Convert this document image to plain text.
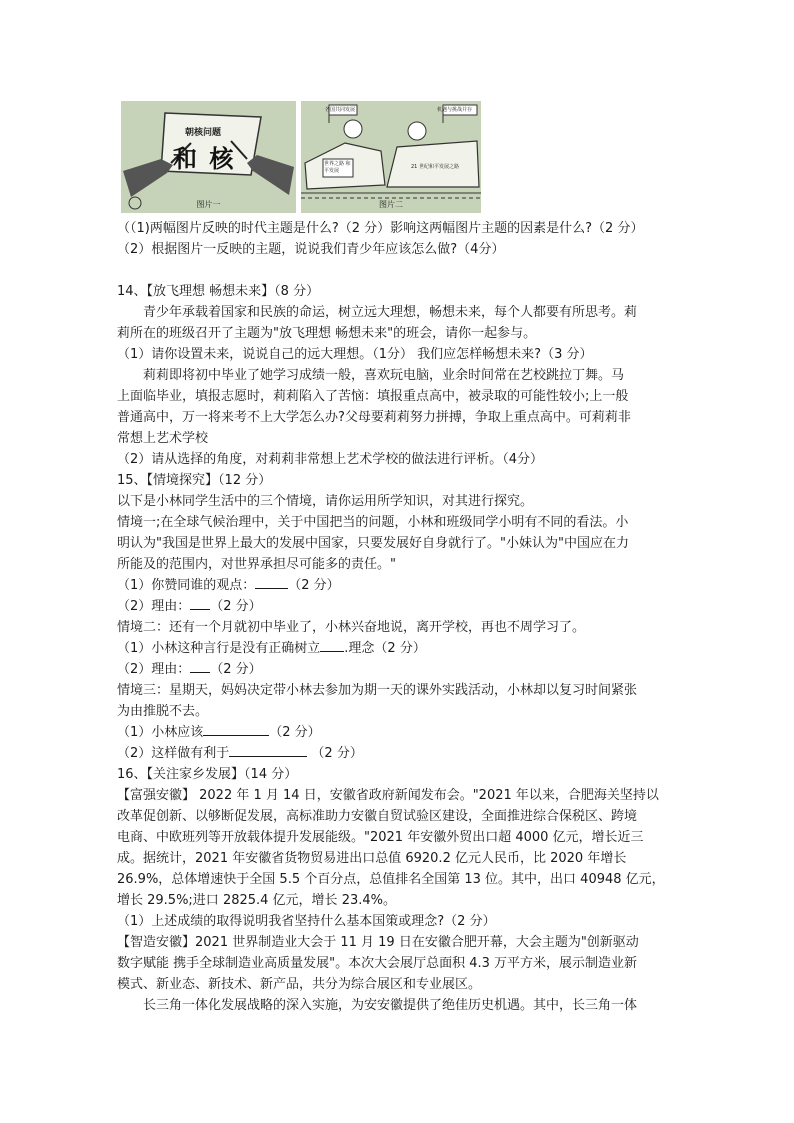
朝核问题
和 核
图片一
各国共同发展	机遇与挑战并存
世界之路 和平发展
21 世纪和平发展之路
图片二

（（1)两幅图片反映的时代主题是什么?（2 分）影响这两幅图片主题的因素是什么?（2 分）

（2）根据图片一反映的主题，说说我们青少年应该怎么做?（4分）

14、【放飞理想 畅想未来】（8 分）

青少年承载着国家和民族的命运，树立远大理想，畅想未来，每个人都要有所思考。莉

莉所在的班级召开了主题为"放飞理想 畅想未来"的班会，请你一起参与。

（1）请你设置未来，说说自己的远大理想。（1分） 我们应怎样畅想未来?（3 分）

莉莉即将初中毕业了她学习成绩一般，喜欢玩电脑，业余时间常在艺校跳拉丁舞。马

上面临毕业，填报志愿时，莉莉陷入了苦恼：填报重点高中，被录取的可能性较小;上一般

普通高中，万一将来考不上大学怎么办?父母要莉莉努力拼搏，争取上重点高中。可莉莉非

常想上艺术学校

（2）请从选择的角度，对莉莉非常想上艺术学校的做法进行评析。（4分）

15、【情境探究】（12 分）

以下是小林同学生活中的三个情境，请你运用所学知识，对其进行探究。

情境一;在全球气候治理中，关于中国把当的问题，小林和班级同学小明有不同的看法。小

明认为"我国是世界上最大的发展中国家，只要发展好自身就行了。"小妹认为"中国应在力

所能及的范围内，对世界承担尽可能多的责任。"

（1）你赞同谁的观点：	（2 分）

（2）理由： （2 分）

情境二：还有一个月就初中毕业了，小林兴奋地说，离开学校，再也不周学习了。

（1）小林这种言行是没有正确树立 .理念（2 分）

（2）理由： （2 分）

情境三：星期天，妈妈决定带小林去参加为期一天的课外实践活动，小林却以复习时间紧张

为由推脱不去。

（1）小林应该	（2 分）

（2）这样做有利于	（2 分）

16、【关注家乡发展】（14 分）

【富强安徽】 2022 年 1 月 14 日，安徽省政府新闻发布会。"2021 年以来，合肥海关坚持以

改革促创新、以够断促发展，高标准助力安徽自贸试验区建设，全面推进综合保税区、跨境

电商、中欧班列等开放载体提升发展能级。"2021 年安徽外贸出口超 4000 亿元，增长近三

成。据统计，2021 年安徽省货物贸易进出口总值 6920.2 亿元人民币，比 2020 年增长

26.9%，总体增速快于全国 5.5 个百分点，总值排名全国第 13 位。其中，出口 40948 亿元，

增长 29.5%;进口 2825.4 亿元，增长 23.4%。

（1）上述成绩的取得说明我省坚持什么基本国策或理念?（2 分）

【智造安徽】2021 世界制造业大会于 11 月 19 日在安徽合肥开幕，大会主题为"创新驱动

数字赋能 携手全球制造业高质量发展"。本次大会展厅总面积 4.3 万平方米，展示制造业新

模式、新业态、新技术、新产品，共分为综合展区和专业展区。

长三角一体化发展战略的深入实施，为安安徽提供了绝佳历史机遇。其中，长三角一体
